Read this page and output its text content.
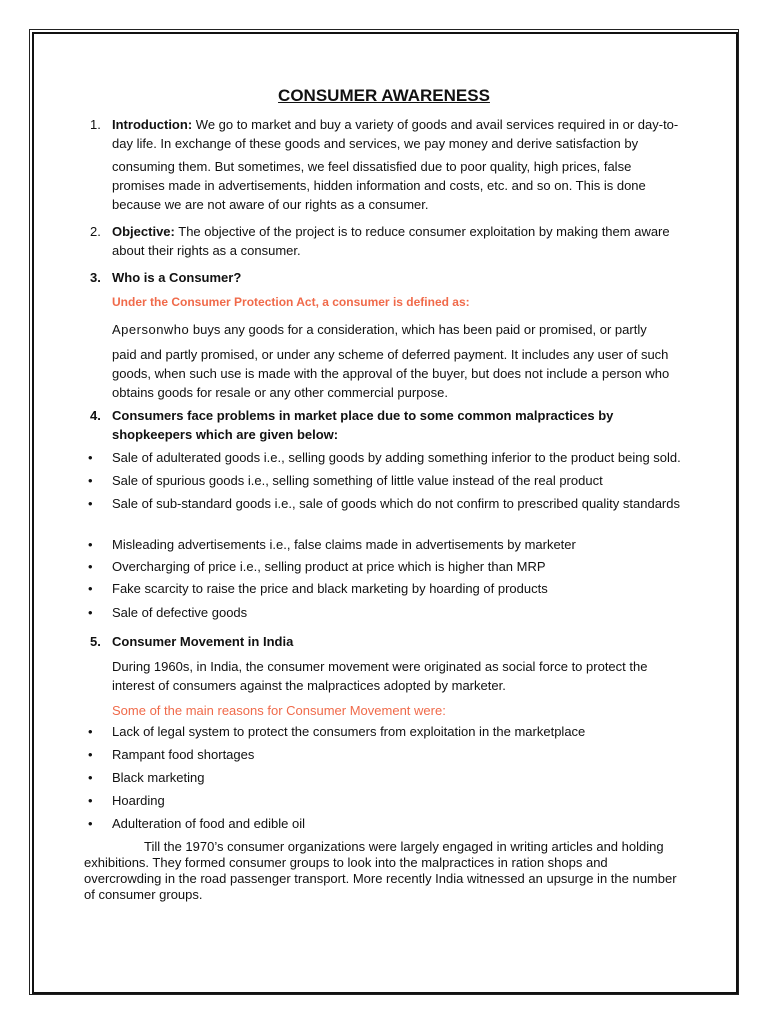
CONSUMER AWARENESS
1. Introduction: We go to market and buy a variety of goods and avail services required in or day-to-day life. In exchange of these goods and services, we pay money and derive satisfaction by
consuming them. But sometimes, we feel dissatisfied due to poor quality, high prices, false promises made in advertisements, hidden information and costs, etc. and so on. This is done because we are not aware of our rights as a consumer.
2. Objective: The objective of the project is to reduce consumer exploitation by making them aware about their rights as a consumer.
3. Who is a Consumer?
Under the Consumer Protection Act, a consumer is defined as:
Apersonwho buys any goods for a consideration, which has been paid or promised, or partly
paid and partly promised, or under any scheme of deferred payment. It includes any user of such goods, when such use is made with the approval of the buyer, but does not include a person who obtains goods for resale or any other commercial purpose.
4. Consumers face problems in market place due to some common malpractices by shopkeepers which are given below:
• Sale of adulterated goods i.e., selling goods by adding something inferior to the product being sold.
• Sale of spurious goods i.e., selling something of little value instead of the real product
• Sale of sub-standard goods i.e., sale of goods which do not confirm to prescribed quality standards
• Misleading advertisements i.e., false claims made in advertisements by marketer
• Overcharging of price i.e., selling product at price which is higher than MRP
• Fake scarcity to raise the price and black marketing by hoarding of products
• Sale of defective goods
5. Consumer Movement in India
During 1960s, in India, the consumer movement were originated as social force to protect the interest of consumers against the malpractices adopted by marketer.
Some of the main reasons for Consumer Movement were:
• Lack of legal system to protect the consumers from exploitation in the marketplace
• Rampant food shortages
• Black marketing
• Hoarding
• Adulteration of food and edible oil
Till the 1970’s consumer organizations were largely engaged in writing articles and holding exhibitions. They formed consumer groups to look into the malpractices in ration shops and overcrowding in the road passenger transport. More recently India witnessed an upsurge in the number of consumer groups.
